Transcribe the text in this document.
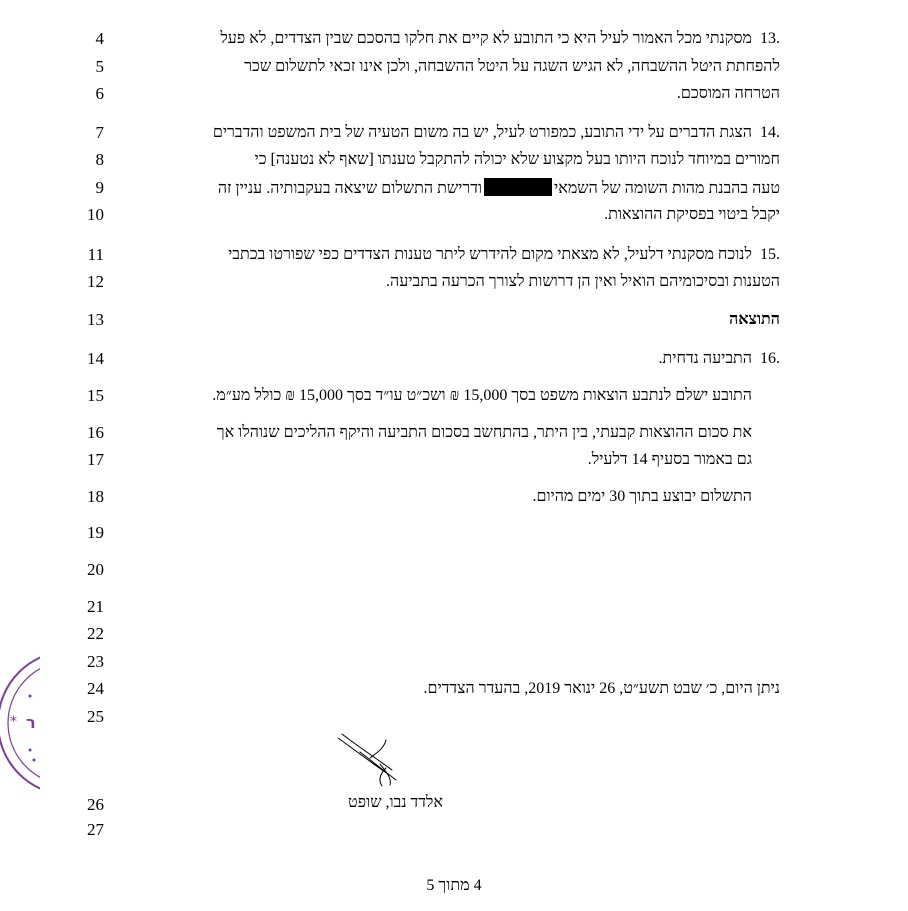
4
5
6
7
8
9
10
11
12
13
14
15
16
17
18
19
20
21
22
23
24
25
26
27
13.
מסקנתי מכל האמור לעיל היא כי התובע לא קיים את חלקו בהסכם שבין הצדדים, לא פעל
להפחתת היטל ההשבחה, לא הגיש השגה על היטל ההשבחה, ולכן אינו זכאי לתשלום שכר
הטרחה המוסכם.
14.
הצגת הדברים על ידי התובע, כמפורט לעיל, יש בה משום הטעיה של בית המשפט והדברים
חמורים במיוחד לנוכח היותו בעל מקצוע שלא יכולה להתקבל טענתו [שאף לא נטענה] כי
טעה בהבנת מהות השומה של השמאיודרישת התשלום שיצאה בעקבותיה. עניין זה
יקבל ביטוי בפסיקת ההוצאות.
15.
לנוכח מסקנתי דלעיל, לא מצאתי מקום להידרש ליתר טענות הצדדים כפי שפורטו בכתבי
הטענות ובסיכומיהם הואיל ואין הן דרושות לצורך הכרעה בתביעה.
התוצאה
16.
התביעה נדחית.
התובע ישלם לנתבע הוצאות משפט בסך 15,000 ₪ ושכ״ט עו״ד בסך 15,000 ₪ כולל מע״מ.
את סכום ההוצאות קבעתי, בין היתר, בהתחשב בסכום התביעה והיקף ההליכים שנוהלו אך
גם באמור בסעיף 14 דלעיל.
התשלום יבוצע בתוך 30 ימים מהיום.
ניתן היום, כ׳ שבט תשע״ט, 26 ינואר 2019, בהעדר הצדדים.
אלדד נבו, שופט
* ר
4 מתוך 5
